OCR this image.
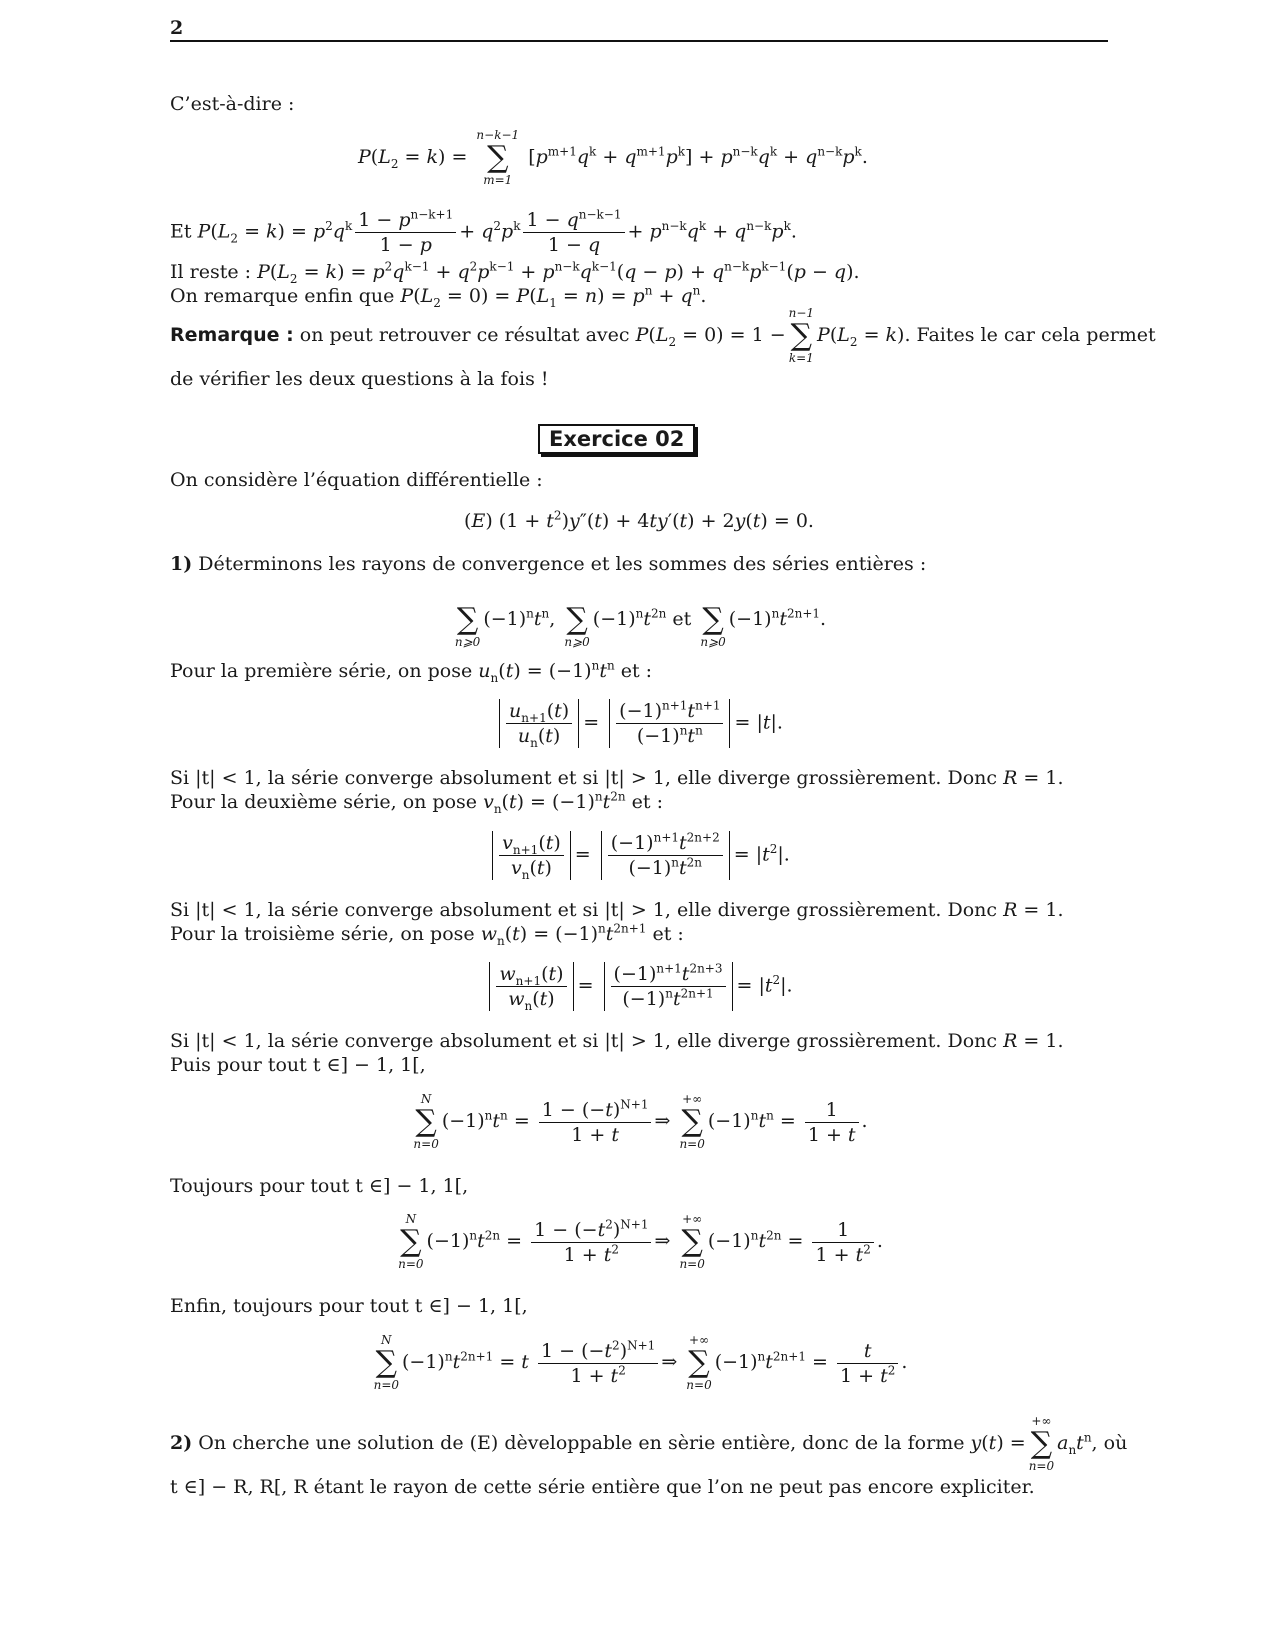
2
C’est-à-dire :
$P(L_2 = k)$ =
n−k−1
∑
m=1
$[p^{m+1}q^k + q^{m+1}p^k] + p^{n-k}q^k + q^{n-k}p^k$.
Et $P(L_2 = k) = p^2q^k \frac{1 - p^{n-k+1}}{1 - p} + q^2p^k \frac{1 - q^{n-k-1}}{1 - q} + p^{n-k}q^k + q^{n-k}p^k$.
Il reste : $P(L_2 = k) = p^2q^{k-1} + q^2p^{k-1} + p^{n-k}q^{k-1}(q - p) + q^{n-k}p^{k-1}(p - q)$.
On remarque enfin que $P(L_2 = 0) = P(L_1 = n) = p^n + q^n$.
Remarque : on peut retrouver ce résultat avec $P(L_2 = 0) = 1$ −
n−1
∑
k=1
$P(L_2 = k)$. Faites le car cela permet
de vérifier les deux questions à la fois !
Exercice 02
On considère l’équation différentielle :
(E) $(1 + t^2)y''(t) + 4ty'(t) + 2y(t) = 0$.
1) Déterminons les rayons de convergence et les sommes des séries entières :

∑
n⩾0
$(-1)^nt^n$,
∑
n⩾0
$(-1)^nt^{2n}$ et
∑
n⩾0
$(-1)^nt^{2n+1}$.
Pour la première série, on pose $u_n(t) = (-1)^nt^n$ et :
$\frac{u_{n+1}(t)}{u_n(t)} = \frac{(-1)^{n+1}t^{n+1}}{(-1)^nt^n} = |t|$.
Si |t| < 1, la série converge absolument et si |t| > 1, elle diverge grossièrement. Donc R = 1.
Pour la deuxième série, on pose $v_n(t) = (-1)^nt^{2n}$ et :
$\frac{v_{n+1}(t)}{v_n(t)} = \frac{(-1)^{n+1}t^{2n+2}}{(-1)^nt^{2n}} = |t^2|$.
Si |t| < 1, la série converge absolument et si |t| > 1, elle diverge grossièrement. Donc R = 1.
Pour la troisième série, on pose $w_n(t) = (-1)^nt^{2n+1}$ et :
$\frac{w_{n+1}(t)}{w_n(t)} = \frac{(-1)^{n+1}t^{2n+3}}{(-1)^nt^{2n+1}} = |t^2|$.
Si |t| < 1, la série converge absolument et si |t| > 1, elle diverge grossièrement. Donc R = 1.
Puis pour tout t ∈] − 1, 1[,
N
∑
n=0
$(-1)^nt^n = \frac{1 - (-t)^{N+1}}{1 + t}$ ⇒
+∞
∑
n=0
$(-1)^nt^n = \frac{1}{1 + t}$ .
Toujours pour tout t ∈] − 1, 1[,
N
∑
n=0
$(-1)^nt^{2n} = \frac{1 - (-t^2)^{N+1}}{1 + t^2}$ ⇒
+∞
∑
n=0
$(-1)^nt^{2n} = \frac{1}{1 + t^2}$ .
Enfin, toujours pour tout t ∈] − 1, 1[,
N
∑
n=0
$(-1)^nt^{2n+1} = t \frac{1 - (-t^2)^{N+1}}{1 + t^2}$ ⇒
+∞
∑
n=0
$(-1)^nt^{2n+1} = \frac{t}{1 + t^2}$ .
2) On cherche une solution de (E) dèveloppable en sèrie entière, donc de la forme y(t) =
+∞
∑
n=0
$a_nt^n$, où
t ∈] − R, R[, R étant le rayon de cette série entière que l’on ne peut pas encore expliciter.
